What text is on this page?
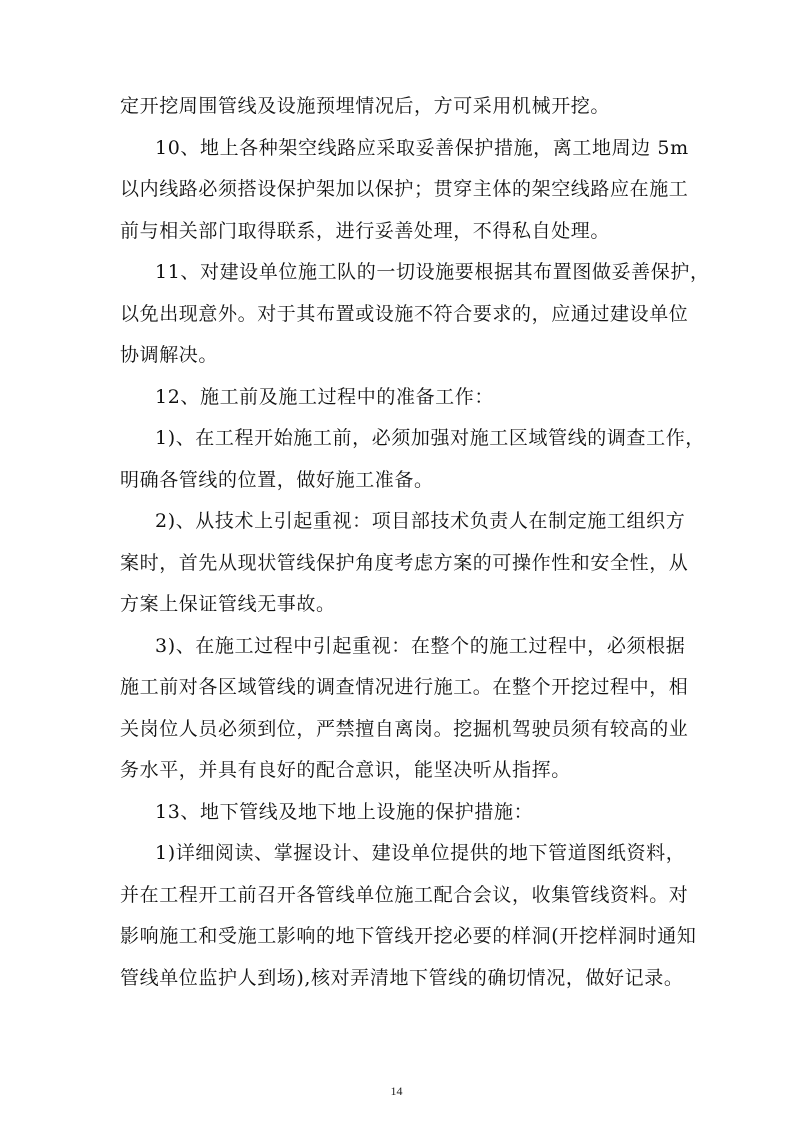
定开挖周围管线及设施预埋情况后，方可采用机械开挖。
10、地上各种架空线路应采取妥善保护措施，离工地周边 5m
以内线路必须搭设保护架加以保护；贯穿主体的架空线路应在施工
前与相关部门取得联系，进行妥善处理，不得私自处理。
11、对建设单位施工队的一切设施要根据其布置图做妥善保护，
以免出现意外。对于其布置或设施不符合要求的，应通过建设单位
协调解决。
12、施工前及施工过程中的准备工作：
1)、在工程开始施工前，必须加强对施工区域管线的调查工作，
明确各管线的位置，做好施工准备。
2)、从技术上引起重视：项目部技术负责人在制定施工组织方
案时，首先从现状管线保护角度考虑方案的可操作性和安全性，从
方案上保证管线无事故。
3)、在施工过程中引起重视：在整个的施工过程中，必须根据
施工前对各区域管线的调查情况进行施工。在整个开挖过程中，相
关岗位人员必须到位，严禁擅自离岗。挖掘机驾驶员须有较高的业
务水平，并具有良好的配合意识，能坚决听从指挥。
13、地下管线及地下地上设施的保护措施：
1)详细阅读、掌握设计、建设单位提供的地下管道图纸资料，
并在工程开工前召开各管线单位施工配合会议，收集管线资料。对
影响施工和受施工影响的地下管线开挖必要的样洞(开挖样洞时通知
管线单位监护人到场),核对弄清地下管线的确切情况，做好记录。
14
